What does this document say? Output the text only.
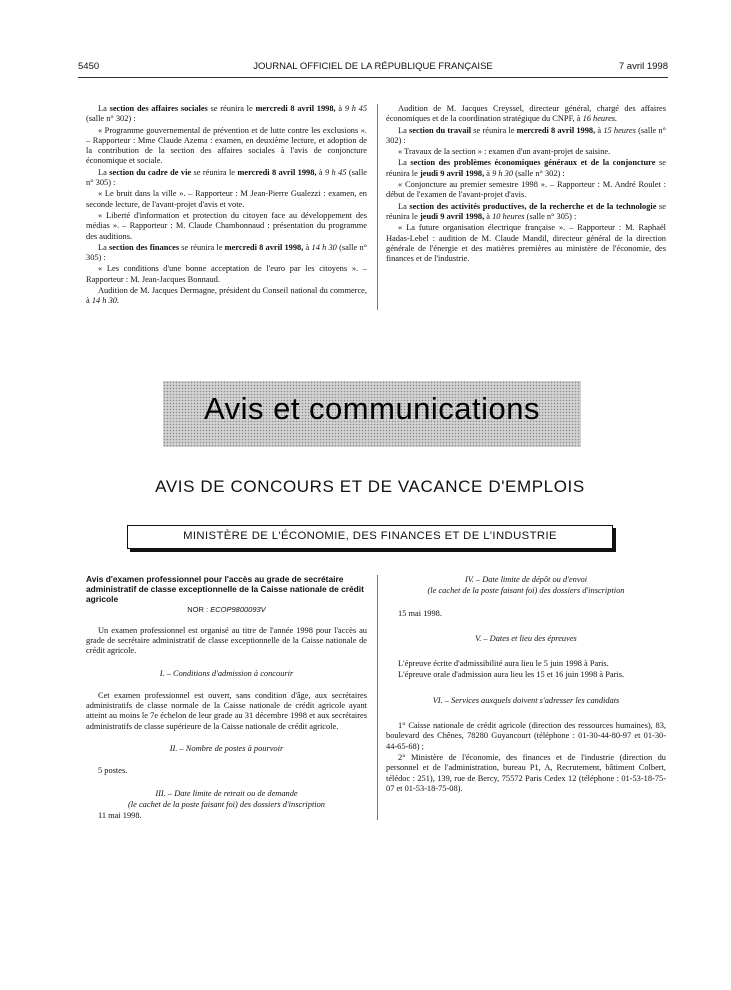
5450	JOURNAL OFFICIEL DE LA RÉPUBLIQUE FRANÇAISE	7 avril 1998

La section des affaires sociales se réunira le mercredi 8 avril 1998, à 9 h 45 (salle n° 302) :

« Programme gouvernemental de prévention et de lutte contre les exclusions ». – Rapporteur : Mme Claude Azema : examen, en deuxième lecture, et adoption de la contribution de la section des affaires sociales à l'avis de conjoncture économique et sociale.

La section du cadre de vie se réunira le mercredi 8 avril 1998, à 9 h 45 (salle n° 305) :

« Le bruit dans la ville ». – Rapporteur : M Jean-Pierre Gualezzi : examen, en seconde lecture, de l'avant-projet d'avis et vote.

« Liberté d'information et protection du citoyen face au développement des médias ». – Rapporteur : M. Claude Chambonnaud : présentation du programme des auditions.

La section des finances se réunira le mercredi 8 avril 1998, à 14 h 30 (salle n° 305) :

« Les conditions d'une bonne acceptation de l'euro par les citoyens ». – Rapporteur : M. Jean-Jacques Bonnaud.

Audition de M. Jacques Dermagne, président du Conseil national du commerce, à 14 h 30.

Audition de M. Jacques Creyssel, directeur général, chargé des affaires économiques et de la coordination stratégique du CNPF, à 16 heures.

La section du travail se réunira le mercredi 8 avril 1998, à 15 heures (salle n° 302) :

« Travaux de la section » : examen d'un avant-projet de saisine.

La section des problèmes économiques généraux et de la conjoncture se réunira le jeudi 9 avril 1998, à 9 h 30 (salle n° 302) :

« Conjoncture au premier semestre 1998 ». – Rapporteur : M. André Roulet : début de l'examen de l'avant-projet d'avis.

La section des activités productives, de la recherche et de la technologie se réunira le jeudi 9 avril 1998, à 10 heures (salle n° 305) :

« La future organisation électrique française ». – Rapporteur : M. Raphaël Hadas-Lebel : audition de M. Claude Mandil, directeur général de la direction générale de l'énergie et des matières premières au ministère de l'économie, des finances et de l'industrie.

Avis et communications
AVIS DE CONCOURS ET DE VACANCE D'EMPLOIS
MINISTÈRE DE L'ÉCONOMIE, DES FINANCES ET DE L'INDUSTRIE
Avis d'examen professionnel pour l'accès au grade de secrétaire administratif de classe exceptionnelle de la Caisse nationale de crédit agricole
NOR : ECOP9800093V

Un examen professionnel est organisé au titre de l'année 1998 pour l'accès au grade de secrétaire administratif de classe exceptionnelle de la Caisse nationale de crédit agricole.

I. – Conditions d'admission à concourir

Cet examen professionnel est ouvert, sans condition d'âge, aux secrétaires administratifs de classe normale de la Caisse nationale de crédit agricole ayant atteint au moins le 7e échelon de leur grade au 31 décembre 1998 et aux secrétaires administratifs de classe supérieure de la Caisse nationale de crédit agricole.

II. – Nombre de postes à pourvoir

5 postes.

III. – Date limite de retrait ou de demande

(le cachet de la poste faisant foi) des dossiers d'inscription

11 mai 1998.

IV. – Date limite de dépôt ou d'envoi

(le cachet de la poste faisant foi) des dossiers d'inscription

15 mai 1998.

V. – Dates et lieu des épreuves

L'épreuve écrite d'admissibilité aura lieu le 5 juin 1998 à Paris.

L'épreuve orale d'admission aura lieu les 15 et 16 juin 1998 à Paris.

VI. – Services auxquels doivent s'adresser les candidats

1° Caisse nationale de crédit agricole (direction des ressources humaines), 83, boulevard des Chênes, 78280 Guyancourt (téléphone : 01-30-44-80-97 et 01-30-44-65-68) ;

2° Ministère de l'économie, des finances et de l'industrie (direction du personnel et de l'administration, bureau P1, A, Recrutement, bâtiment Colbert, télédoc : 251), 139, rue de Bercy, 75572 Paris Cedex 12 (téléphone : 01-53-18-75-07 et 01-53-18-75-08).
